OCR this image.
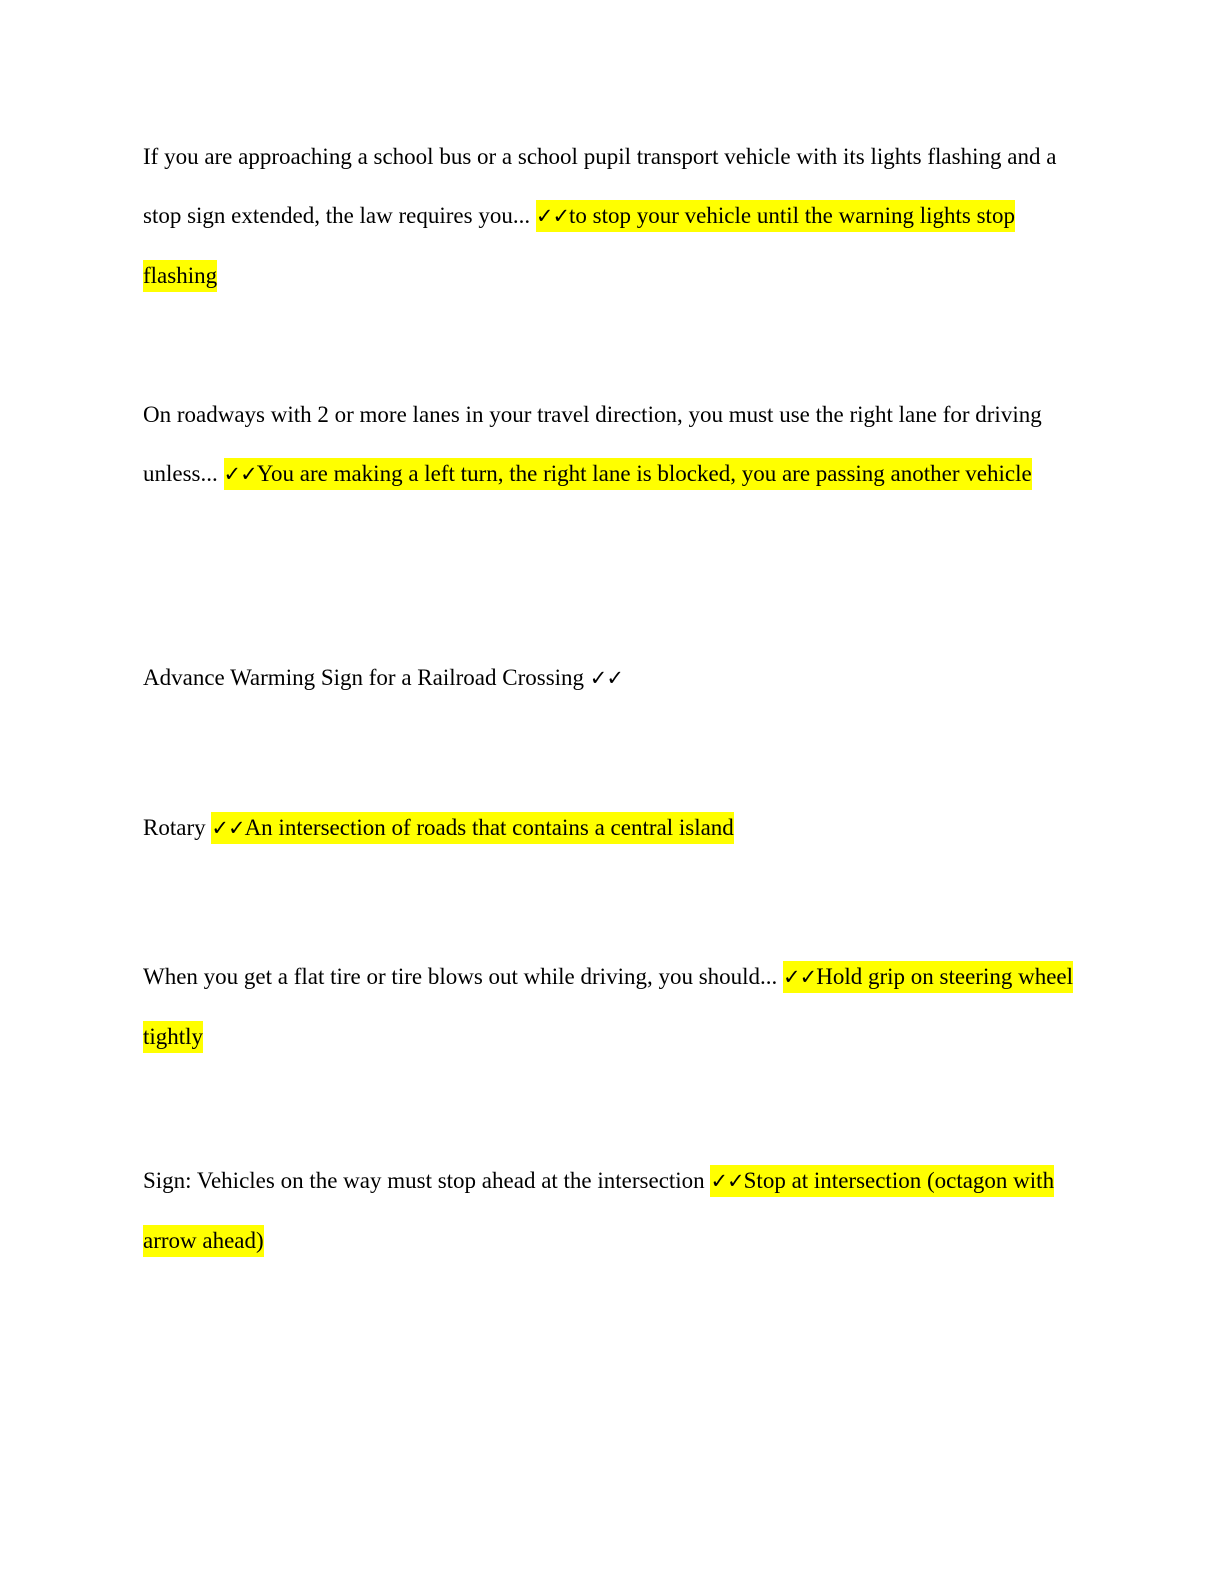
If you are approaching a school bus or a school pupil transport vehicle with its lights flashing and a stop sign extended, the law requires you... ✓✓to stop your vehicle until the warning lights stop flashing

On roadways with 2 or more lanes in your travel direction, you must use the right lane for driving unless... ✓✓You are making a left turn, the right lane is blocked, you are passing another vehicle

Advance Warming Sign for a Railroad Crossing ✓✓

Rotary ✓✓An intersection of roads that contains a central island

When you get a flat tire or tire blows out while driving, you should... ✓✓Hold grip on steering wheel tightly

Sign: Vehicles on the way must stop ahead at the intersection ✓✓Stop at intersection (octagon with arrow ahead)
